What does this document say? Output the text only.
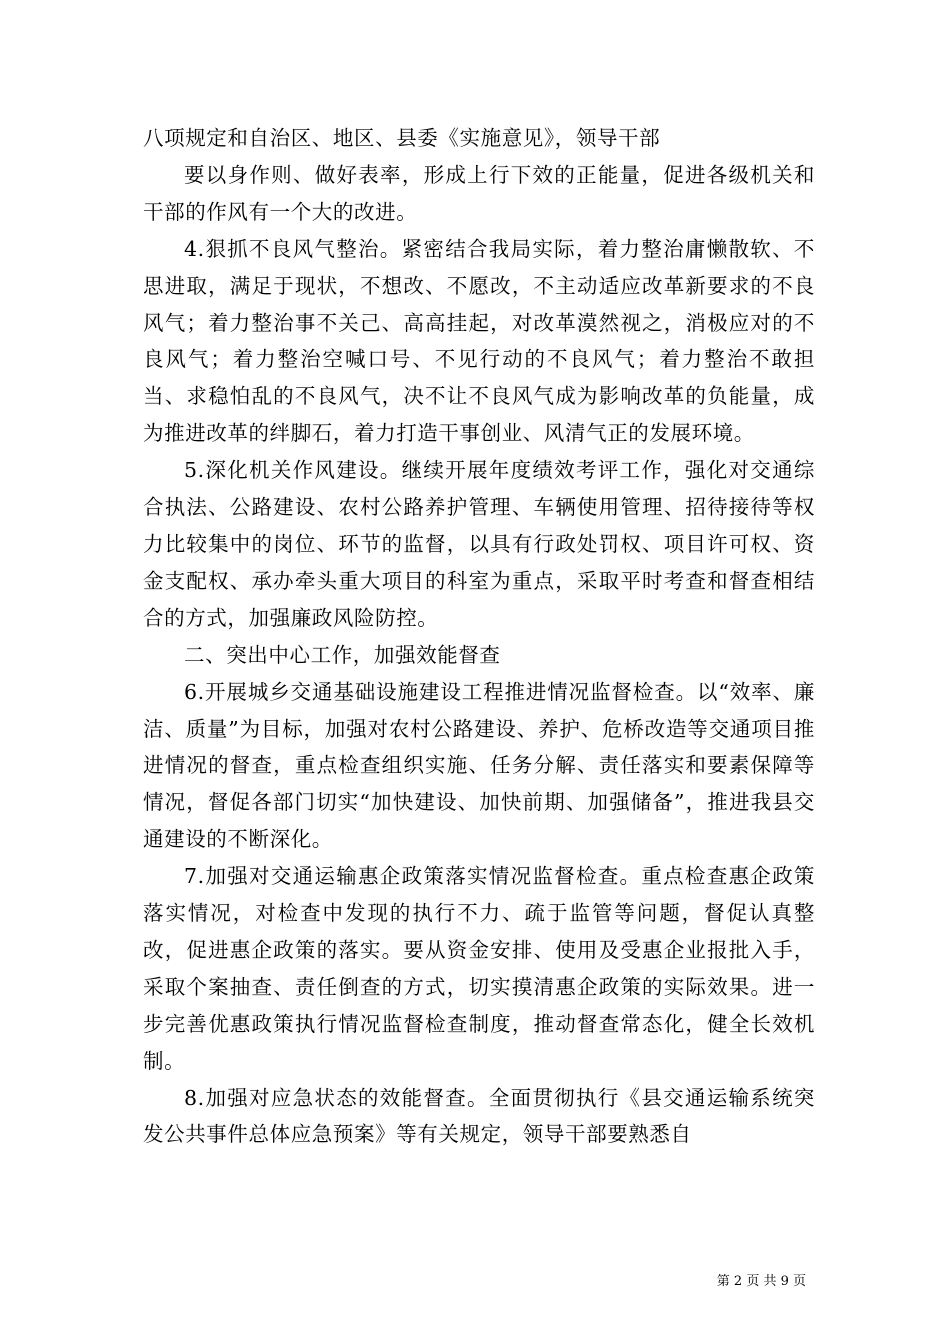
八项规定和自治区、地区、县委《实施意见》，领导干部

要以身作则、做好表率，形成上行下效的正能量，促进各级机关和干部的作风有一个大的改进。

4.狠抓不良风气整治。紧密结合我局实际，着力整治庸懒散软、不思进取，满足于现状，不想改、不愿改，不主动适应改革新要求的不良风气；着力整治事不关己、高高挂起，对改革漠然视之，消极应对的不良风气；着力整治空喊口号、不见行动的不良风气；着力整治不敢担当、求稳怕乱的不良风气，决不让不良风气成为影响改革的负能量，成为推进改革的绊脚石，着力打造干事创业、风清气正的发展环境。

5.深化机关作风建设。继续开展年度绩效考评工作，强化对交通综合执法、公路建设、农村公路养护管理、车辆使用管理、招待接待等权力比较集中的岗位、环节的监督，以具有行政处罚权、项目许可权、资金支配权、承办牵头重大项目的科室为重点，采取平时考查和督查相结合的方式，加强廉政风险防控。

二、突出中心工作，加强效能督查

6.开展城乡交通基础设施建设工程推进情况监督检查。以“效率、廉洁、质量”为目标，加强对农村公路建设、养护、危桥改造等交通项目推进情况的督查，重点检查组织实施、任务分解、责任落实和要素保障等情况，督促各部门切实“加快建设、加快前期、加强储备”，推进我县交通建设的不断深化。

7.加强对交通运输惠企政策落实情况监督检查。重点检查惠企政策落实情况，对检查中发现的执行不力、疏于监管等问题，督促认真整改，促进惠企政策的落实。要从资金安排、使用及受惠企业报批入手，采取个案抽查、责任倒查的方式，切实摸清惠企政策的实际效果。进一步完善优惠政策执行情况监督检查制度，推动督查常态化，健全长效机制。

8.加强对应急状态的效能督查。全面贯彻执行《县交通运输系统突发公共事件总体应急预案》等有关规定，领导干部要熟悉自

第 2 页 共 9 页
